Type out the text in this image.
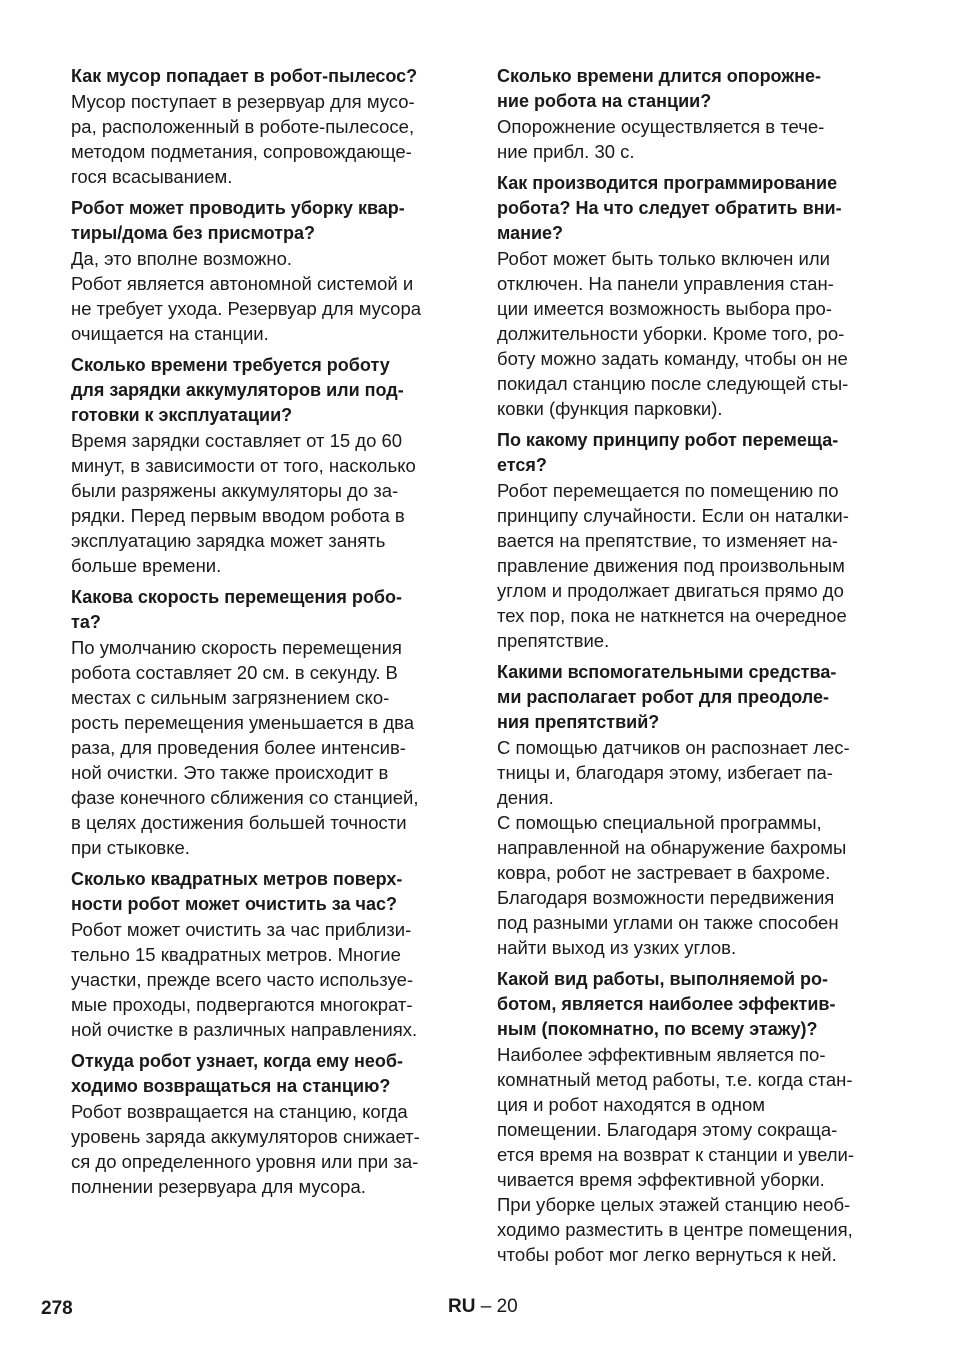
Как мусор попадает в робот-пылесос?

Мусор поступает в резервуар для мусо-
ра, расположенный в роботе-пылесосе,
методом подметания, сопровождающе-
гося всасыванием.

Робот может проводить уборку квар-
тиры/дома без присмотра?

Да, это вполне возможно.
Робот является автономной системой и
не требует ухода. Резервуар для мусора
очищается на станции.

Сколько времени требуется роботу
для зарядки аккумуляторов или под-
готовки к эксплуатации?

Время зарядки составляет от 15 до 60
минут, в зависимости от того, насколько
были разряжены аккумуляторы до за-
рядки. Перед первым вводом робота в
эксплуатацию зарядка может занять
больше времени.

Какова скорость перемещения робо-
та?

По умолчанию скорость перемещения
робота составляет 20 см. в секунду. В
местах с сильным загрязнением ско-
рость перемещения уменьшается в два
раза, для проведения более интенсив-
ной очистки. Это также происходит в
фазе конечного сближения со станцией,
в целях достижения большей точности
при стыковке.

Сколько квадратных метров поверх-
ности робот может очистить за час?

Робот может очистить за час приблизи-
тельно 15 квадратных метров. Многие
участки, прежде всего часто используе-
мые проходы, подвергаются многократ-
ной очистке в различных направлениях.

Откуда робот узнает, когда ему необ-
ходимо возвращаться на станцию?

Робот возвращается на станцию, когда
уровень заряда аккумуляторов снижает-
ся до определенного уровня или при за-
полнении резервуара для мусора.

Сколько времени длится опорожне-
ние робота на станции?

Опорожнение осуществляется в тече-
ние прибл. 30 с.

Как производится программирование
робота? На что следует обратить вни-
мание?

Робот может быть только включен или
отключен. На панели управления стан-
ции имеется возможность выбора про-
должительности уборки. Кроме того, ро-
боту можно задать команду, чтобы он не
покидал станцию после следующей сты-
ковки (функция парковки).

По какому принципу робот перемеща-
ется?

Робот перемещается по помещению по
принципу случайности. Если он наталки-
вается на препятствие, то изменяет на-
правление движения под произвольным
углом и продолжает двигаться прямо до
тех пор, пока не наткнется на очередное
препятствие.

Какими вспомогательными средства-
ми располагает робот для преодоле-
ния препятствий?

С помощью датчиков он распознает лес-
тницы и, благодаря этому, избегает па-
дения.
С помощью специальной программы,
направленной на обнаружение бахромы
ковра, робот не застревает в бахроме.
Благодаря возможности передвижения
под разными углами он также способен
найти выход из узких углов.

Какой вид работы, выполняемой ро-
ботом, является наиболее эффектив-
ным (покомнатно, по всему этажу)?

Наиболее эффективным является по-
комнатный метод работы, т.е. когда стан-
ция и робот находятся в одном
помещении. Благодаря этому сокраща-
ется время на возврат к станции и увели-
чивается время эффективной уборки.
При уборке целых этажей станцию необ-
ходимо разместить в центре помещения,
чтобы робот мог легко вернуться к ней.

278	RU – 20
